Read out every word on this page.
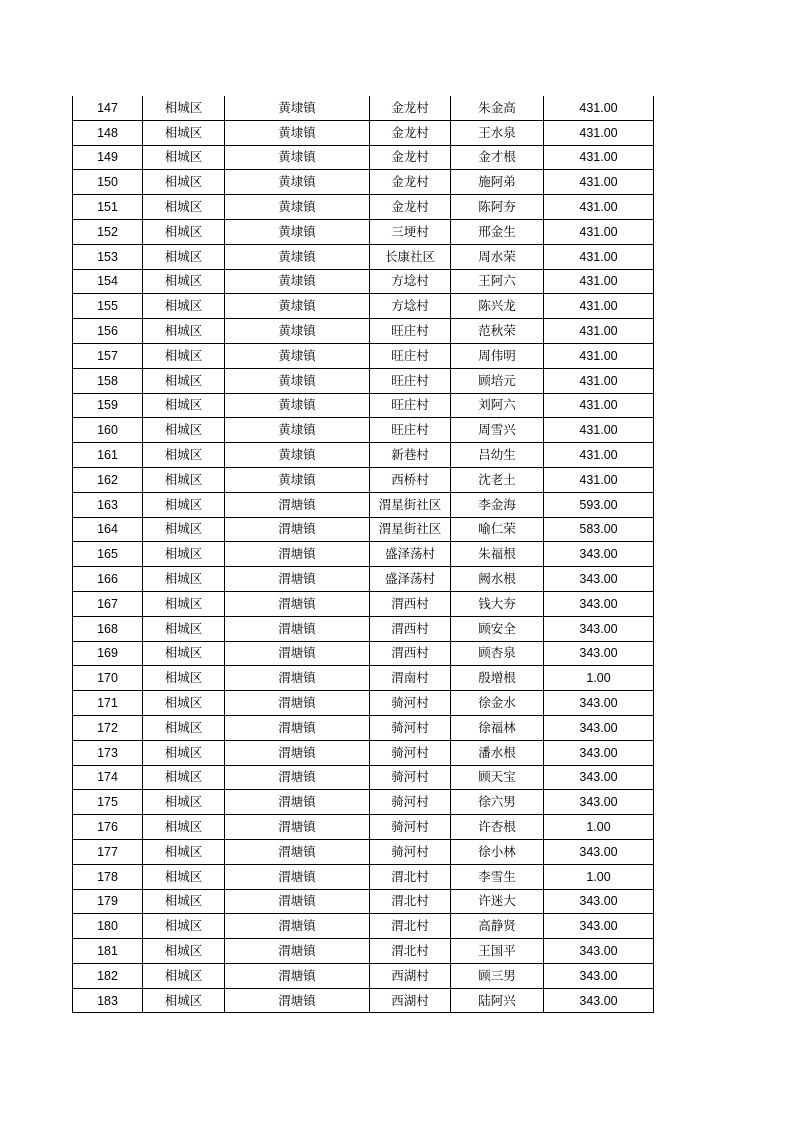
147	相城区	黄埭镇	金龙村	朱金高	431.00
148	相城区	黄埭镇	金龙村	王水泉	431.00
149	相城区	黄埭镇	金龙村	金才根	431.00
150	相城区	黄埭镇	金龙村	施阿弟	431.00
151	相城区	黄埭镇	金龙村	陈阿夯	431.00
152	相城区	黄埭镇	三埂村	邢金生	431.00
153	相城区	黄埭镇	长康社区	周水荣	431.00
154	相城区	黄埭镇	方埝村	王阿六	431.00
155	相城区	黄埭镇	方埝村	陈兴龙	431.00
156	相城区	黄埭镇	旺庄村	范秋荣	431.00
157	相城区	黄埭镇	旺庄村	周伟明	431.00
158	相城区	黄埭镇	旺庄村	顾培元	431.00
159	相城区	黄埭镇	旺庄村	刘阿六	431.00
160	相城区	黄埭镇	旺庄村	周雪兴	431.00
161	相城区	黄埭镇	新巷村	吕幼生	431.00
162	相城区	黄埭镇	西桥村	沈老土	431.00
163	相城区	渭塘镇	渭星街社区	李金海	593.00
164	相城区	渭塘镇	渭星街社区	喻仁荣	583.00
165	相城区	渭塘镇	盛泽荡村	朱福根	343.00
166	相城区	渭塘镇	盛泽荡村	阙水根	343.00
167	相城区	渭塘镇	渭西村	钱大夯	343.00
168	相城区	渭塘镇	渭西村	顾安全	343.00
169	相城区	渭塘镇	渭西村	顾杏泉	343.00
170	相城区	渭塘镇	渭南村	殷增根	1.00
171	相城区	渭塘镇	骑河村	徐金水	343.00
172	相城区	渭塘镇	骑河村	徐福林	343.00
173	相城区	渭塘镇	骑河村	潘水根	343.00
174	相城区	渭塘镇	骑河村	顾天宝	343.00
175	相城区	渭塘镇	骑河村	徐六男	343.00
176	相城区	渭塘镇	骑河村	许杏根	1.00
177	相城区	渭塘镇	骑河村	徐小林	343.00
178	相城区	渭塘镇	渭北村	李雪生	1.00
179	相城区	渭塘镇	渭北村	许迷大	343.00
180	相城区	渭塘镇	渭北村	高静贤	343.00
181	相城区	渭塘镇	渭北村	王国平	343.00
182	相城区	渭塘镇	西湖村	顾三男	343.00
183	相城区	渭塘镇	西湖村	陆阿兴	343.00
